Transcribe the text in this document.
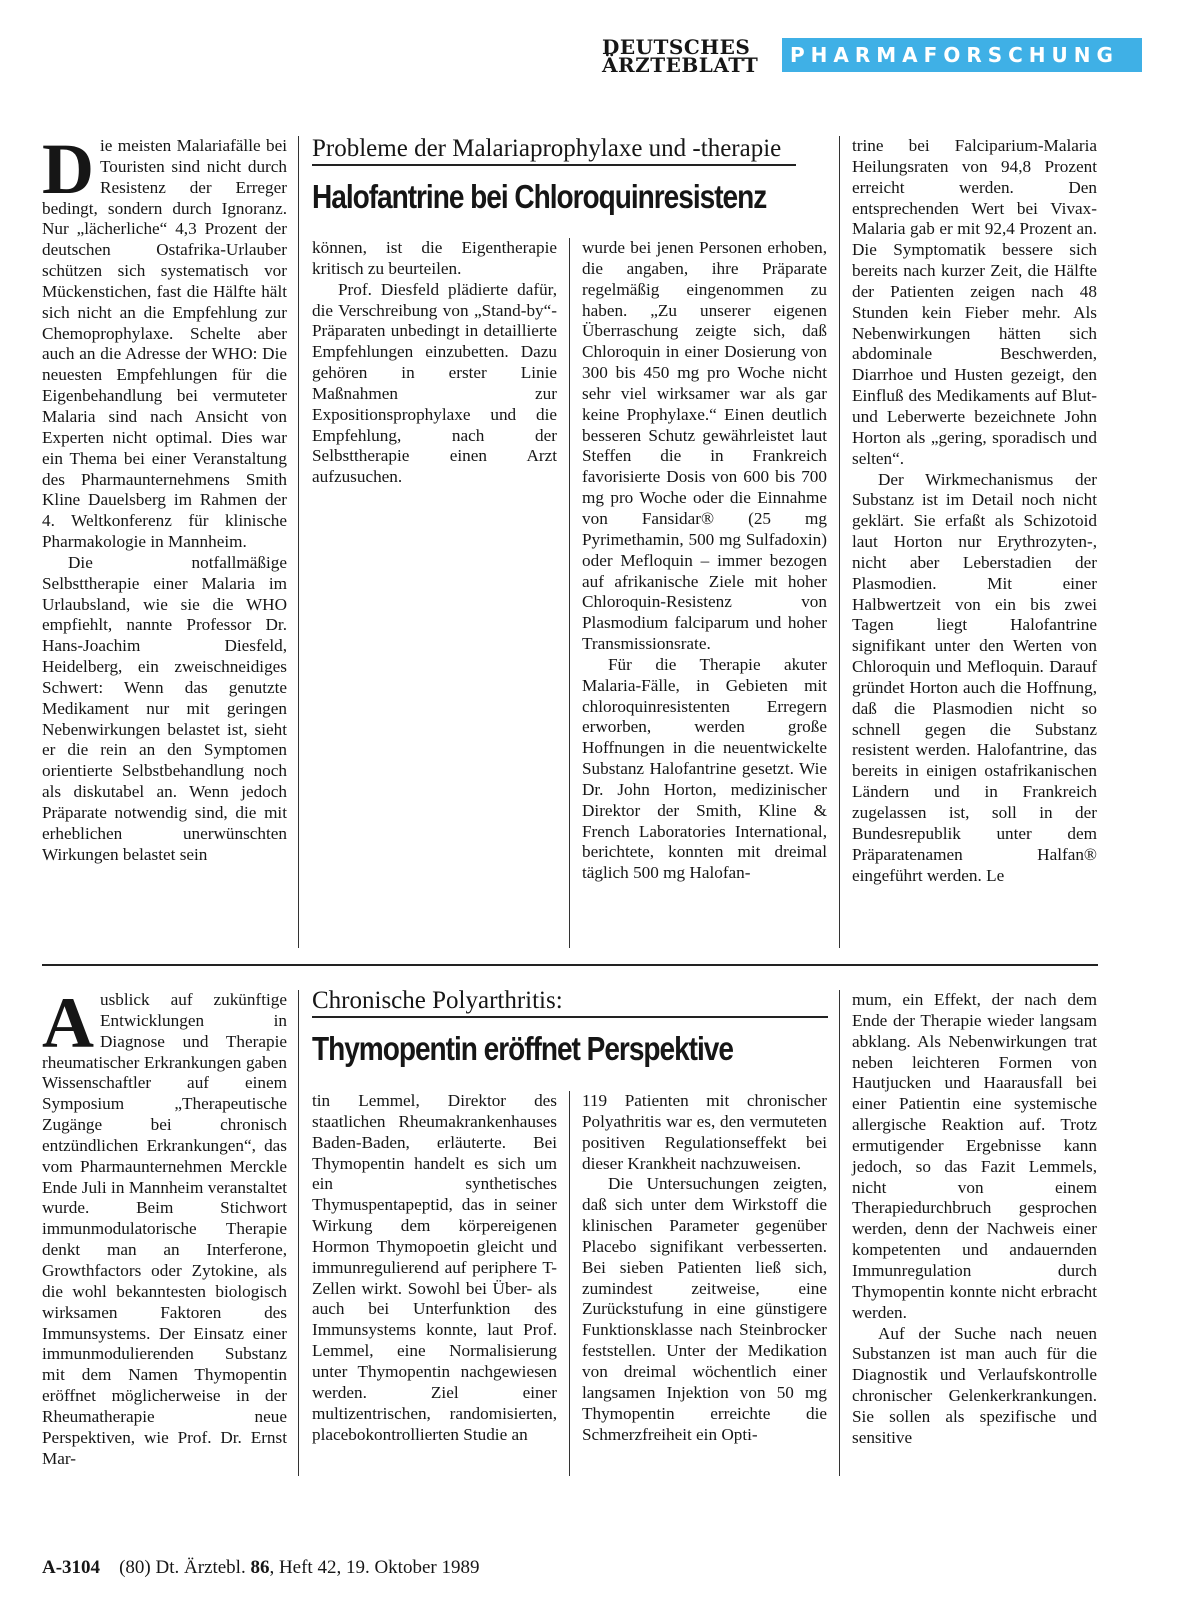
DEUTSCHES
ÄRZTEBLATT	PHARMAFORSCHUNG
D ie meisten Malariafälle bei Touristen sind nicht durch Resistenz der Erreger bedingt, sondern durch Ignoranz. Nur „lächerliche“ 4,3 Prozent der deutschen Ostafrika-Urlauber schützen sich systematisch vor Mückenstichen, fast die Hälfte hält sich nicht an die Empfehlung zur Chemoprophylaxe. Schelte aber auch an die Adresse der WHO: Die neuesten Empfehlungen für die Eigenbehandlung bei vermuteter Malaria sind nach Ansicht von Experten nicht optimal. Dies war ein Thema bei einer Veranstaltung des Pharmaunternehmens Smith Kline Dauelsberg im Rahmen der 4. Weltkonferenz für klinische Pharmakologie in Mannheim.

Die notfallmäßige Selbsttherapie einer Malaria im Urlaubsland, wie sie die WHO empfiehlt, nannte Professor Dr. Hans-Joachim Diesfeld, Heidelberg, ein zweischneidiges Schwert: Wenn das genutzte Medikament nur mit geringen Nebenwirkungen belastet ist, sieht er die rein an den Symptomen orientierte Selbstbehandlung noch als diskutabel an. Wenn jedoch Präparate notwendig sind, die mit erheblichen unerwünschten Wirkungen belastet sein

Probleme der Malariaprophylaxe und -therapie
Halofantrine bei Chloroquinresistenz

können, ist die Eigentherapie kritisch zu beurteilen.

Prof. Diesfeld plädierte dafür, die Verschreibung von „Stand-by“-Präparaten unbedingt in detaillierte Empfehlungen einzubetten. Dazu gehören in erster Linie Maßnahmen zur Expositionsprophylaxe und die Empfehlung, nach der Selbsttherapie einen Arzt aufzusuchen.

wurde bei jenen Personen erhoben, die angaben, ihre Präparate regelmäßig eingenommen zu haben. „Zu unserer eigenen Überraschung zeigte sich, daß Chloroquin in einer Dosierung von 300 bis 450 mg pro Woche nicht sehr viel wirksamer war als gar keine Prophylaxe.“ Einen deutlich besseren Schutz gewährleistet laut Steffen die in Frankreich favorisierte Dosis von 600 bis 700 mg pro Woche oder die Einnahme von Fansidar® (25 mg Pyrimethamin, 500 mg Sulfadoxin) oder Mefloquin – immer bezogen auf afrikanische Ziele mit hoher Chloroquin-Resistenz von Plasmodium falciparum und hoher Transmissionsrate.

Für die Therapie akuter Malaria-Fälle, in Gebieten mit chloroquinresistenten Erregern erworben, werden große Hoffnungen in die neuentwickelte Substanz Halofantrine gesetzt. Wie Dr. John Horton, medizinischer Direktor der Smith, Kline & French Laboratories International, berichtete, konnten mit dreimal täglich 500 mg Halofan-

trine bei Falciparium-Malaria Heilungsraten von 94,8 Prozent erreicht werden. Den entsprechenden Wert bei Vivax-Malaria gab er mit 92,4 Prozent an. Die Symptomatik bessere sich bereits nach kurzer Zeit, die Hälfte der Patienten zeigen nach 48 Stunden kein Fieber mehr. Als Nebenwirkungen hätten sich abdominale Beschwerden, Diarrhoe und Husten gezeigt, den Einfluß des Medikaments auf Blut- und Leberwerte bezeichnete John Horton als „gering, sporadisch und selten“.

Der Wirkmechanismus der Substanz ist im Detail noch nicht geklärt. Sie erfaßt als Schizotoid laut Horton nur Erythrozyten-, nicht aber Leberstadien der Plasmodien. Mit einer Halbwertzeit von ein bis zwei Tagen liegt Halofantrine signifikant unter den Werten von Chloroquin und Mefloquin. Darauf gründet Horton auch die Hoffnung, daß die Plasmodien nicht so schnell gegen die Substanz resistent werden. Halofantrine, das bereits in einigen ostafrikanischen Ländern und in Frankreich zugelassen ist, soll in der Bundesrepublik unter dem Präparatenamen Halfan® eingeführt werden. Le

A usblick auf zukünftige Entwicklungen in Diagnose und Therapie rheumatischer Erkrankungen gaben Wissenschaftler auf einem Symposium „Therapeutische Zugänge bei chronisch entzündlichen Erkrankungen“, das vom Pharmaunternehmen Merckle Ende Juli in Mannheim veranstaltet wurde. Beim Stichwort immunmodulatorische Therapie denkt man an Interferone, Growthfactors oder Zytokine, als die wohl bekanntesten biologisch wirksamen Faktoren des Immunsystems. Der Einsatz einer immunmodulierenden Substanz mit dem Namen Thymopentin eröffnet möglicherweise in der Rheumatherapie neue Perspektiven, wie Prof. Dr. Ernst Mar-

Chronische Polyarthritis:
Thymopentin eröffnet Perspektive

tin Lemmel, Direktor des staatlichen Rheumakrankenhauses Baden-Baden, erläuterte. Bei Thymopentin handelt es sich um ein synthetisches Thymuspentapeptid, das in seiner Wirkung dem körpereigenen Hormon Thymopoetin gleicht und immunregulierend auf periphere T-Zellen wirkt. Sowohl bei Über- als auch bei Unterfunktion des Immunsystems konnte, laut Prof. Lemmel, eine Normalisierung unter Thymopentin nachgewiesen werden. Ziel einer multizentrischen, randomisierten, placebokontrollierten Studie an

119 Patienten mit chronischer Polyathritis war es, den vermuteten positiven Regulationseffekt bei dieser Krankheit nachzuweisen.

Die Untersuchungen zeigten, daß sich unter dem Wirkstoff die klinischen Parameter gegenüber Placebo signifikant verbesserten. Bei sieben Patienten ließ sich, zumindest zeitweise, eine Zurückstufung in eine günstigere Funktionsklasse nach Steinbrocker feststellen. Unter der Medikation von dreimal wöchentlich einer langsamen Injektion von 50 mg Thymopentin erreichte die Schmerzfreiheit ein Opti-

mum, ein Effekt, der nach dem Ende der Therapie wieder langsam abklang. Als Nebenwirkungen trat neben leichteren Formen von Hautjucken und Haarausfall bei einer Patientin eine systemische allergische Reaktion auf. Trotz ermutigender Ergebnisse kann jedoch, so das Fazit Lemmels, nicht von einem Therapiedurchbruch gesprochen werden, denn der Nachweis einer kompetenten und andauernden Immunregulation durch Thymopentin konnte nicht erbracht werden.

Auf der Suche nach neuen Substanzen ist man auch für die Diagnostik und Verlaufskontrolle chronischer Gelenkerkrankungen. Sie sollen als spezifische und sensitive

A-3104 (80) Dt. Ärztebl. 86, Heft 42, 19. Oktober 1989
